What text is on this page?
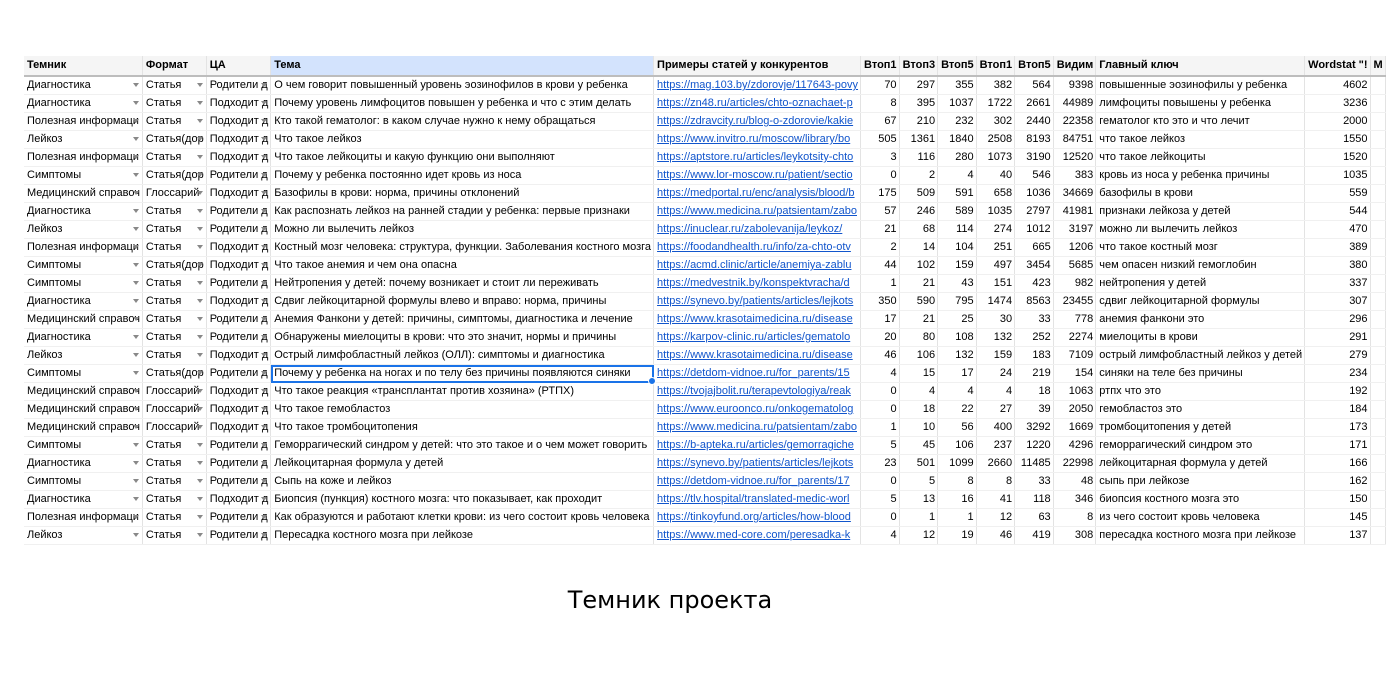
Темник	Формат	ЦА	Тема	Примеры статей у конкурентов	Втоп1	Втоп3	Втоп5	Втоп1	Втоп5	Видим	Главный ключ	Wordstat "!	M
Диагностика	Статья	Родители д	О чем говорит повышенный уровень эозинофилов в крови у ребенка	https://mag.103.by/zdorovje/117643-povy	70	297	355	382	564	9398	повышенные эозинофилы у ребенка	4602	
Диагностика	Статья	Подходит д	Почему уровень лимфоцитов повышен у ребенка и что с этим делать	https://zn48.ru/articles/chto-oznachaet-p	8	395	1037	1722	2661	44989	лимфоциты повышены у ребенка	3236	
Полезная информаци	Статья	Подходит д	Кто такой гематолог: в каком случае нужно к нему обращаться	https://zdravcity.ru/blog-o-zdorovie/kakie	67	210	232	302	2440	22358	гематолог кто это и что лечит	2000	
Лейкоз	Статья(дор	Подходит д	Что такое лейкоз	https://www.invitro.ru/moscow/library/bo	505	1361	1840	2508	8193	84751	что такое лейкоз	1550	
Полезная информаци	Статья	Подходит д	Что такое лейкоциты и какую функцию они выполняют	https://aptstore.ru/articles/leykotsity-chto	3	116	280	1073	3190	12520	что такое лейкоциты	1520	
Симптомы	Статья(дор	Родители д	Почему у ребенка постоянно идет кровь из носа	https://www.lor-moscow.ru/patient/sectio	0	2	4	40	546	383	кровь из носа у ребенка причины	1035	
Медицинский справоч	Глоссарий	Подходит д	Базофилы в крови: норма, причины отклонений	https://medportal.ru/enc/analysis/blood/b	175	509	591	658	1036	34669	базофилы в крови	559	
Диагностика	Статья	Родители д	Как распознать лейкоз на ранней стадии у ребенка: первые признаки	https://www.medicina.ru/patsientam/zabo	57	246	589	1035	2797	41981	признаки лейкоза у детей	544	
Лейкоз	Статья	Родители д	Можно ли вылечить лейкоз	https://inuclear.ru/zabolevanija/leykoz/	21	68	114	274	1012	3197	можно ли вылечить лейкоз	470	
Полезная информаци	Статья	Подходит д	Костный мозг человека: структура, функции. Заболевания костного мозга	https://foodandhealth.ru/info/za-chto-otv	2	14	104	251	665	1206	что такое костный мозг	389	
Симптомы	Статья(дор	Подходит д	Что такое анемия и чем она опасна	https://acmd.clinic/article/anemiya-zablu	44	102	159	497	3454	5685	чем опасен низкий гемоглобин	380	
Симптомы	Статья	Родители д	Нейтропения у детей: почему возникает и стоит ли переживать	https://medvestnik.by/konspektvracha/d	1	21	43	151	423	982	нейтропения у детей	337	
Диагностика	Статья	Подходит д	Сдвиг лейкоцитарной формулы влево и вправо: норма, причины	https://synevo.by/patients/articles/lejkots	350	590	795	1474	8563	23455	сдвиг лейкоцитарной формулы	307	
Медицинский справоч	Статья	Родители д	Анемия Фанкони у детей: причины, симптомы, диагностика и лечение	https://www.krasotaimedicina.ru/disease	17	21	25	30	33	778	анемия фанкони это	296	
Диагностика	Статья	Родители д	Обнаружены миелоциты в крови: что это значит, нормы и причины	https://karpov-clinic.ru/articles/gematolo	20	80	108	132	252	2274	миелоциты в крови	291	
Лейкоз	Статья	Подходит д	Острый лимфобластный лейкоз (ОЛЛ): симптомы и диагностика	https://www.krasotaimedicina.ru/disease	46	106	132	159	183	7109	острый лимфобластный лейкоз у детей	279	
Симптомы	Статья(дор	Родители д	Почему у ребенка на ногах и по телу без причины появляются синяки	https://detdom-vidnoe.ru/for_parents/15	4	15	17	24	219	154	синяки на теле без причины	234	
Медицинский справоч	Глоссарий	Подходит д	Что такое реакция «трансплантат против хозяина» (РТПХ)	https://tvojajbolit.ru/terapevtologiya/reak	0	4	4	4	18	1063	ртпх что это	192	
Медицинский справоч	Глоссарий	Подходит д	Что такое гемобластоз	https://www.euroonco.ru/onkogematolog	0	18	22	27	39	2050	гемобластоз это	184	
Медицинский справоч	Глоссарий	Подходит д	Что такое тромбоцитопения	https://www.medicina.ru/patsientam/zabo	1	10	56	400	3292	1669	тромбоцитопения у детей	173	
Симптомы	Статья	Родители д	Геморрагический синдром у детей: что это такое и о чем может говорить	https://b-apteka.ru/articles/gemorragiche	5	45	106	237	1220	4296	геморрагический синдром это	171	
Диагностика	Статья	Родители д	Лейкоцитарная формула у детей	https://synevo.by/patients/articles/lejkots	23	501	1099	2660	11485	22998	лейкоцитарная формула у детей	166	
Симптомы	Статья	Родители д	Сыпь на коже и лейкоз	https://detdom-vidnoe.ru/for_parents/17	0	5	8	8	33	48	сыпь при лейкозе	162	
Диагностика	Статья	Подходит д	Биопсия (пункция) костного мозга: что показывает, как проходит	https://tlv.hospital/translated-medic-worl	5	13	16	41	118	346	биопсия костного мозга это	150	
Полезная информаци	Статья	Родители д	Как образуются и работают клетки крови: из чего состоит кровь человека	https://tinkoyfund.org/articles/how-blood	0	1	1	12	63	8	из чего состоит кровь человека	145	
Лейкоз	Статья	Родители д	Пересадка костного мозга при лейкозе	https://www.med-core.com/peresadka-k	4	12	19	46	419	308	пересадка костного мозга при лейкозе	137	
Темник проекта
